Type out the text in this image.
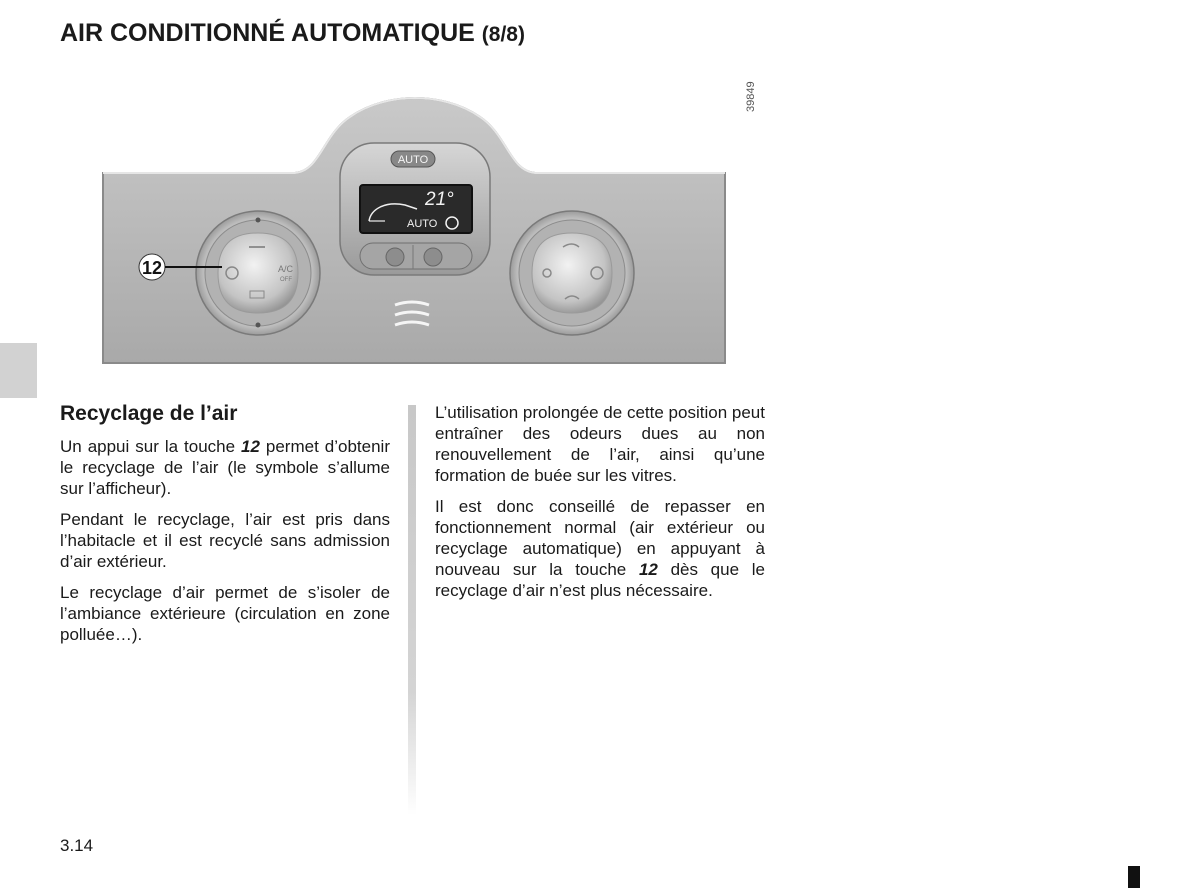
AIR CONDITIONNÉ AUTOMATIQUE (8/8)
39849
AUTO
21°
AUTO
A/C
OFF
12
Recyclage de l’air

Un appui sur la touche 12 permet d’obtenir le recyclage de l’air (le symbole s’allume sur l’afficheur).

Pendant le recyclage, l’air est pris dans l’habitacle et il est recyclé sans admission d’air extérieur.

Le recyclage d’air permet de s’isoler de l’ambiance extérieure (circulation en zone polluée…).

L’utilisation prolongée de cette position peut entraîner des odeurs dues au non renouvellement de l’air, ainsi qu’une formation de buée sur les vitres.

Il est donc conseillé de repasser en fonctionnement normal (air extérieur ou recyclage automatique) en appuyant à nouveau sur la touche 12 dès que le recyclage d’air n’est plus nécessaire.

3.14
